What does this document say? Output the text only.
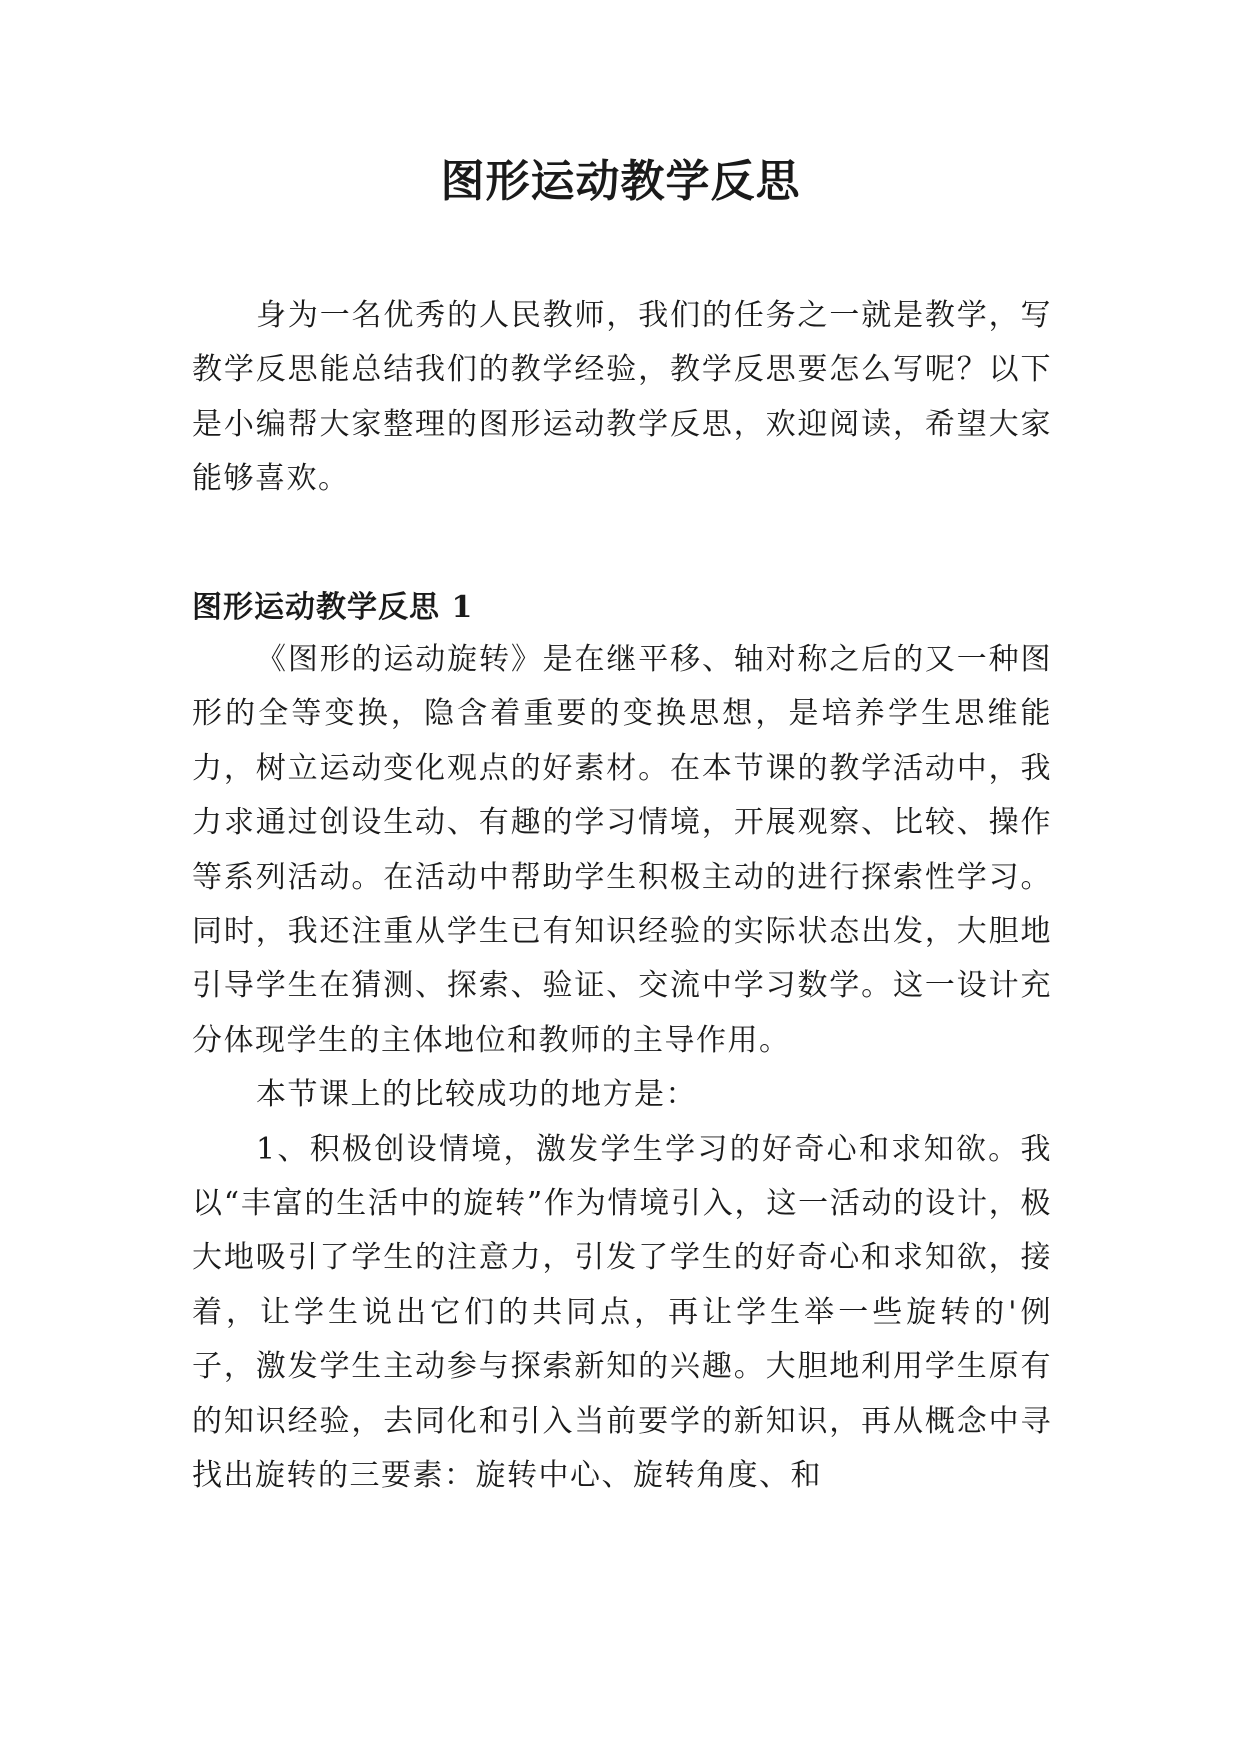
图形运动教学反思

身为一名优秀的人民教师，我们的任务之一就是教学，写教学反思能总结我们的教学经验，教学反思要怎么写呢？以下是小编帮大家整理的图形运动教学反思，欢迎阅读，希望大家能够喜欢。

图形运动教学反思 1

《图形的运动旋转》是在继平移、轴对称之后的又一种图形的全等变换，隐含着重要的变换思想，是培养学生思维能力，树立运动变化观点的好素材。在本节课的教学活动中，我力求通过创设生动、有趣的学习情境，开展观察、比较、操作等系列活动。在活动中帮助学生积极主动的进行探索性学习。同时，我还注重从学生已有知识经验的实际状态出发，大胆地引导学生在猜测、探索、验证、交流中学习数学。这一设计充分体现学生的主体地位和教师的主导作用。

本节课上的比较成功的地方是：

1、积极创设情境，激发学生学习的好奇心和求知欲。我以“丰富的生活中的旋转”作为情境引入，这一活动的设计，极大地吸引了学生的注意力，引发了学生的好奇心和求知欲，接着，让学生说出它们的共同点，再让学生举一些旋转的'例子，激发学生主动参与探索新知的兴趣。大胆地利用学生原有的知识经验，去同化和引入当前要学的新知识，再从概念中寻找出旋转的三要素：旋转中心、旋转角度、和
